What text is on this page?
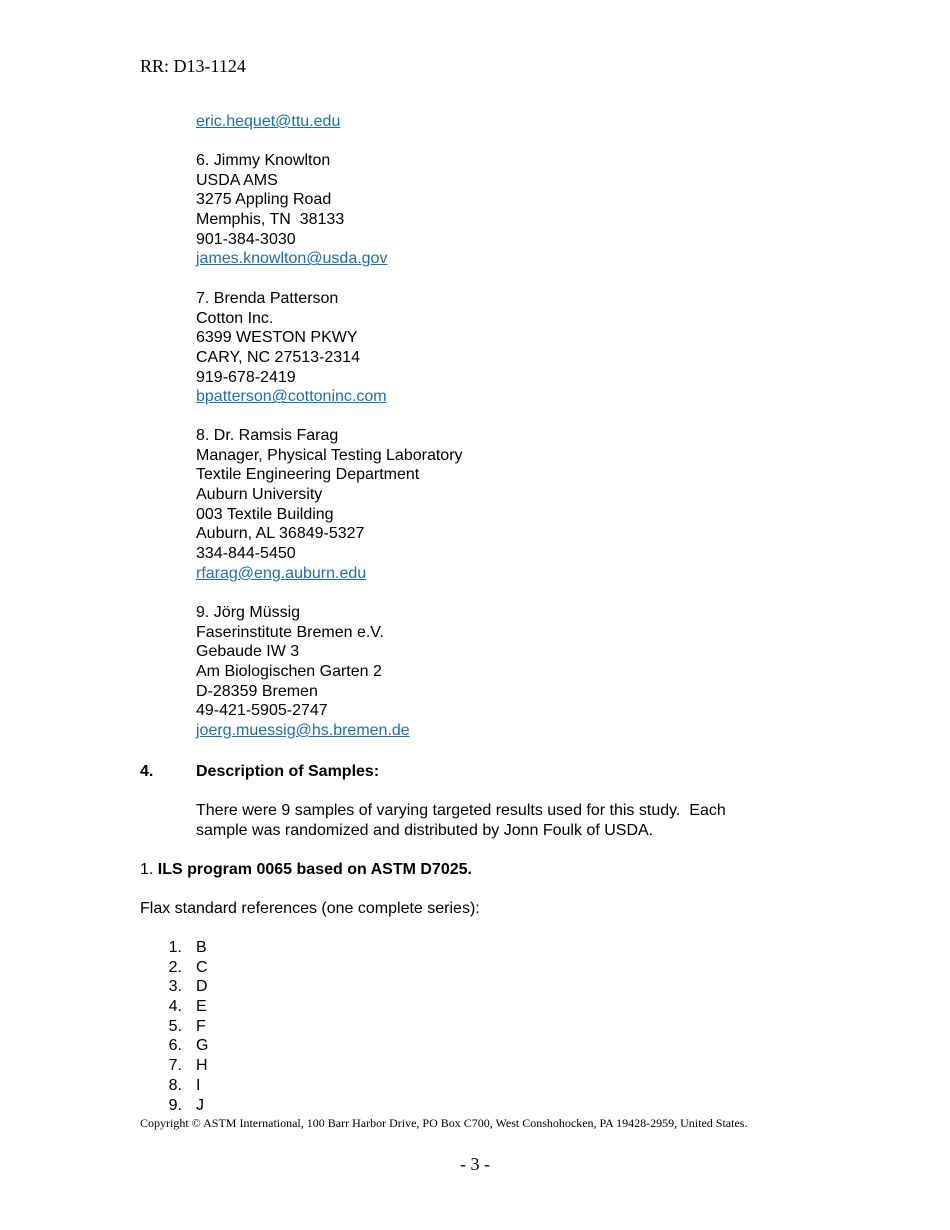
RR: D13-1124
eric.hequet@ttu.edu
6. Jimmy Knowlton
USDA AMS
3275 Appling Road
Memphis, TN  38133
901-384-3030
james.knowlton@usda.gov
7. Brenda Patterson
Cotton Inc.
6399 WESTON PKWY
CARY, NC 27513-2314
919-678-2419
bpatterson@cottoninc.com
8. Dr. Ramsis Farag
Manager, Physical Testing Laboratory
Textile Engineering Department
Auburn University
003 Textile Building
Auburn, AL 36849-5327
334-844-5450
rfarag@eng.auburn.edu
9. Jörg Müssig
Faserinstitute Bremen e.V.
Gebaude IW 3
Am Biologischen Garten 2
D-28359 Bremen
49-421-5905-2747
joerg.muessig@hs.bremen.de
4.	Description of Samples:
There were 9 samples of varying targeted results used for this study.  Each
sample was randomized and distributed by Jonn Foulk of USDA.
1. ILS program 0065 based on ASTM D7025.
Flax standard references (one complete series):
1. B
2. C
3. D
4. E
5. F
6. G
7. H
8. I
9. J
Copyright © ASTM International, 100 Barr Harbor Drive, PO Box C700, West Conshohocken, PA 19428-2959, United States.
- 3 -
